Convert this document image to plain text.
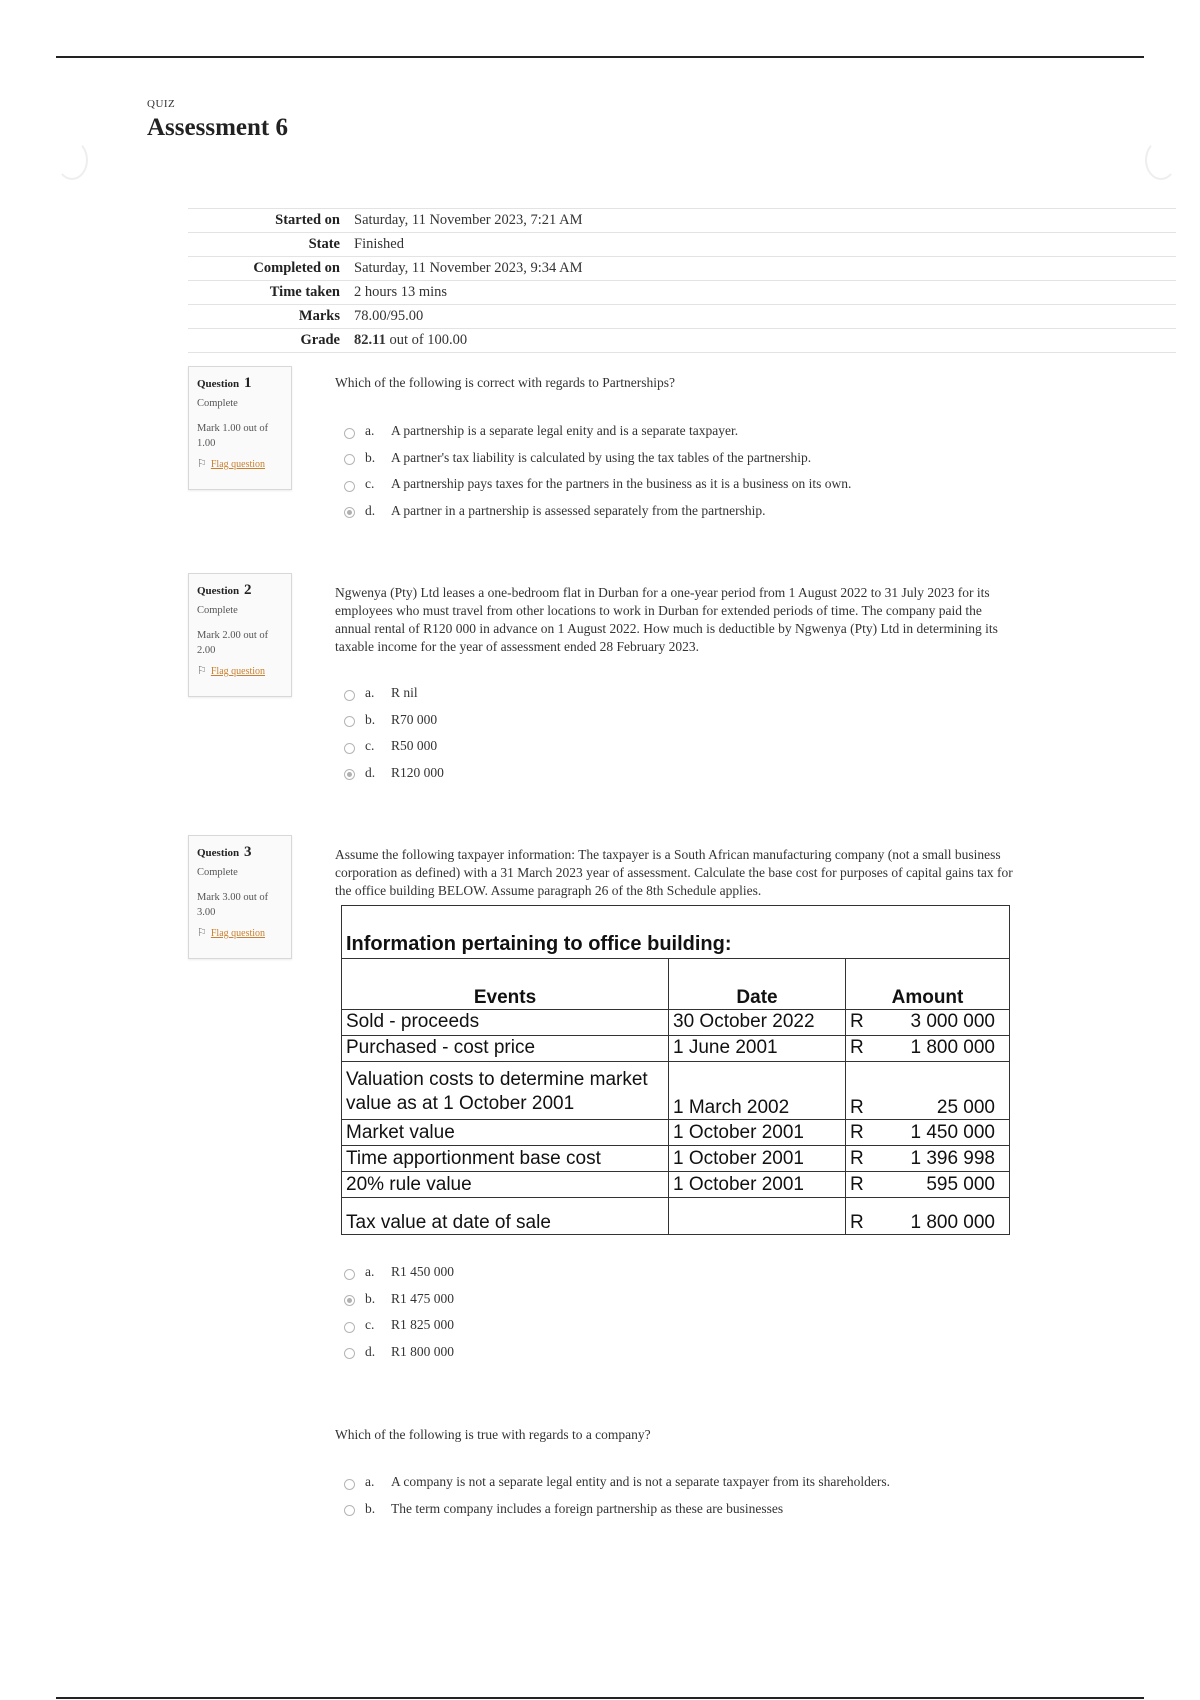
QUIZ
Assessment 6
Started on	Saturday, 11 November 2023, 7:21 AM
State	Finished
Completed on	Saturday, 11 November 2023, 9:34 AM
Time taken	2 hours 13 mins
Marks	78.00/95.00
Grade	82.11 out of 100.00
Question 1
Complete
Mark 1.00 out of 1.00
⚐ Flag question

Which of the following is correct with regards to Partnerships?

a.	A partnership is a separate legal enity and is a separate taxpayer.
b.	A partner's tax liability is calculated by using the tax tables of the partnership.
c.	A partnership pays taxes for the partners in the business as it is a business on its own.
d.	A partner in a partnership is assessed separately from the partnership.
Question 2
Complete
Mark 2.00 out of 2.00
⚐ Flag question

Ngwenya (Pty) Ltd leases a one-bedroom flat in Durban for a one-year period from 1 August 2022 to 31 July 2023 for its employees who must travel from other locations to work in Durban for extended periods of time. The company paid the annual rental of R120 000 in advance on 1 August 2022. How much is deductible by Ngwenya (Pty) Ltd in determining its taxable income for the year of assessment ended 28 February 2023.

a.	R nil
b.	R70 000
c.	R50 000
d.	R120 000
Question 3
Complete
Mark 3.00 out of 3.00
⚐ Flag question

Assume the following taxpayer information: The taxpayer is a South African manufacturing company (not a small business corporation as defined) with a 31 March 2023 year of assessment. Calculate the base cost for purposes of capital gains tax for the office building BELOW. Assume paragraph 26 of the 8th Schedule applies.

Information pertaining to office building:			
Events	Date	Amount	
Sold - proceeds	30 October 2022	R	3 000 000
Purchased - cost price	1 June 2001	R	1 800 000
Valuation costs to determine market value as at 1 October 2001	1 March 2002	R	25 000
Market value	1 October 2001	R	1 450 000
Time apportionment base cost	1 October 2001	R	1 396 998
20% rule value	1 October 2001	R	595 000
Tax value at date of sale		R	1 800 000
a.	R1 450 000
b.	R1 475 000
c.	R1 825 000
d.	R1 800 000

Which of the following is true with regards to a company?

a.	A company is not a separate legal entity and is not a separate taxpayer from its shareholders.
b.	The term company includes a foreign partnership as these are businesses
